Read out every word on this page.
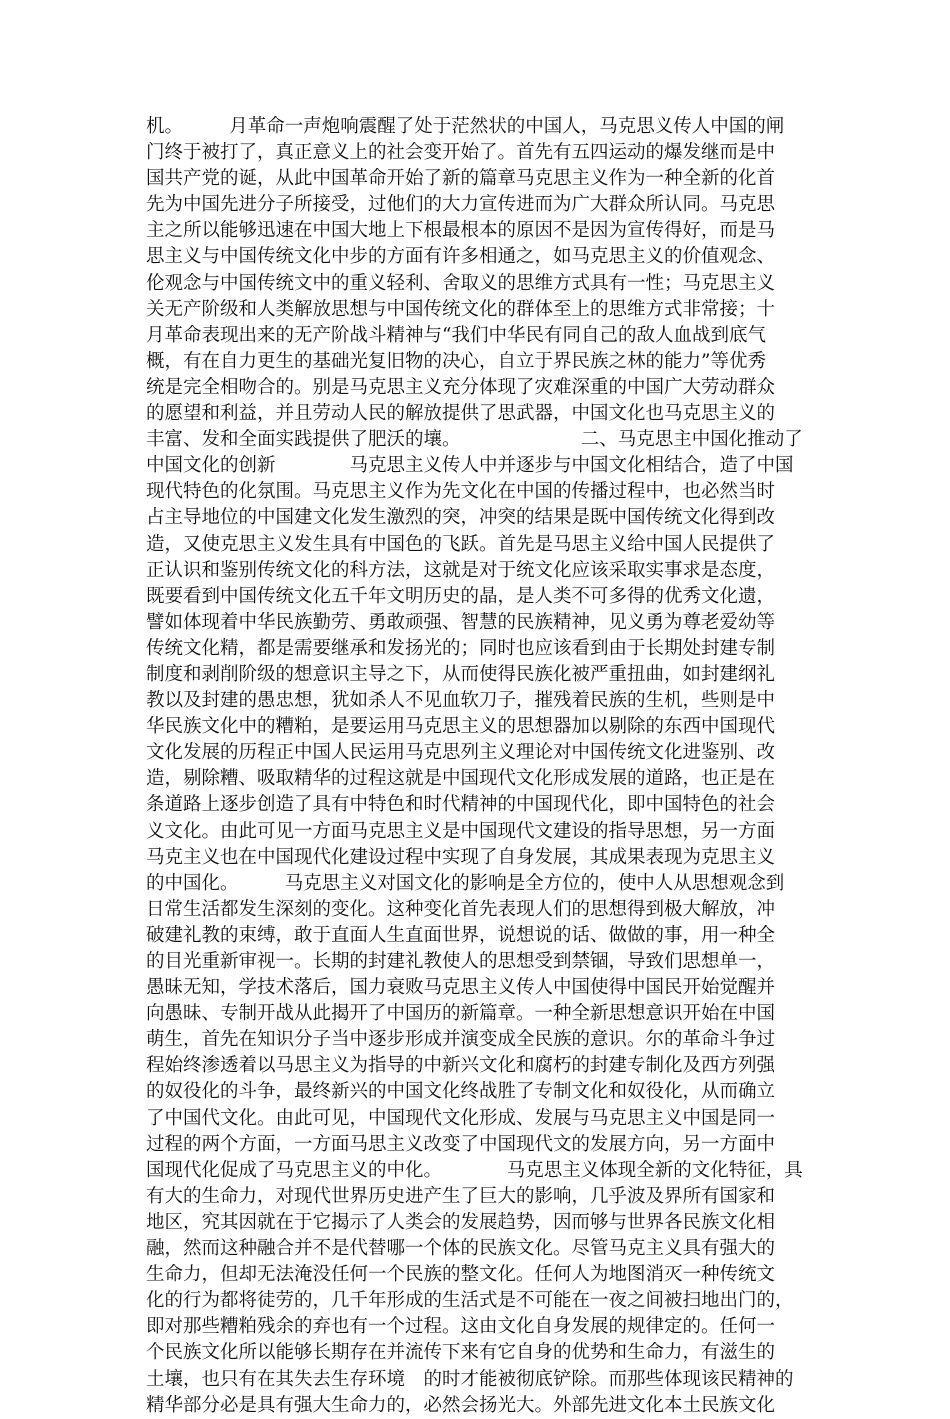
机。　　　月革命一声炮响震醒了处于茫然状的中国人，马克思义传人中国的闸
门终于被打了，真正意义上的社会变开始了。首先有五四运动的爆发继而是中
国共产党的诞，从此中国革命开始了新的篇章马克思主义作为一种全新的化首
先为中国先进分子所接受，过他们的大力宣传进而为广大群众所认同。马克思
主之所以能够迅速在中国大地上下根最根本的原因不是因为宣传得好，而是马
思主义与中国传统文化中步的方面有许多相通之，如马克思主义的价值观念、
伦观念与中国传统文中的重义轻利、舍取义的思维方式具有一性；马克思主义
关无产阶级和人类解放思想与中国传统文化的群体至上的思维方式非常接；十
月革命表现出来的无产阶战斗精神与“我们中华民有同自己的敌人血战到底气
概，有在自力更生的基础光复旧物的决心，自立于界民族之林的能力”等优秀
统是完全相吻合的。别是马克思主义充分体现了灾难深重的中国广大劳动群众
的愿望和利益，并且劳动人民的解放提供了思武器，中国文化也马克思主义的
丰富、发和全面实践提供了肥沃的壤。　　　　　　　二、马克思主中国化推动了
中国文化的创新　　　　马克思主义传人中并逐步与中国文化相结合，造了中国
现代特色的化氛围。马克思主义作为先文化在中国的传播过程中，也必然当时
占主导地位的中国建文化发生激烈的突，冲突的结果是既中国传统文化得到改
造，又使克思主义发生具有中国色的飞跃。首先是马思主义给中国人民提供了
正认识和鉴别传统文化的科方法，这就是对于统文化应该采取实事求是态度，
既要看到中国传统文化五千年文明历史的晶，是人类不可多得的优秀文化遗，
譬如体现着中华民族勤劳、勇敢顽强、智慧的民族精神，见义勇为尊老爱幼等
传统文化精，都是需要继承和发扬光的；同时也应该看到由于长期处封建专制
制度和剥削阶级的想意识主导之下，从而使得民族化被严重扭曲，如封建纲礼
教以及封建的愚忠想，犹如杀人不见血软刀子，摧残着民族的生机，些则是中
华民族文化中的糟粕，是要运用马克思主义的思想器加以剔除的东西中国现代
文化发展的历程正中国人民运用马克思列主义理论对中国传统文化进鉴别、改
造，剔除糟、吸取精华的过程这就是中国现代文化形成发展的道路，也正是在
条道路上逐步创造了具有中特色和时代精神的中国现代化，即中国特色的社会
义文化。由此可见一方面马克思主义是中国现代文建设的指导思想，另一方面
马克主义也在中国现代化建设过程中实现了自身发展，其成果表现为克思主义
的中国化。　　　马克思主义对国文化的影响是全方位的，使中人从思想观念到
日常生活都发生深刻的变化。这种变化首先表现人们的思想得到极大解放，冲
破建礼教的束缚，敢于直面人生直面世界，说想说的话、做做的事，用一种全
的目光重新审视一。长期的封建礼教使人的思想受到禁锢，导致们思想单一，
愚昧无知，学技术落后，国力衰败马克思主义传人中国使得中国民开始觉醒并
向愚昧、专制开战从此揭开了中国历的新篇章。一种全新思想意识开始在中国
萌生，首先在知识分子当中逐步形成并演变成全民族的意识。尔的革命斗争过
程始终渗透着以马思主义为指导的中新兴文化和腐朽的封建专制化及西方列强
的奴役化的斗争，最终新兴的中国文化终战胜了专制文化和奴役化，从而确立
了中国代文化。由此可见，中国现代文化形成、发展与马克思主义中国是同一
过程的两个方面，一方面马思主义改变了中国现代文的发展方向，另一方面中
国现代化促成了马克思主义的中化。　　　　马克思主义体现全新的文化特征，具
有大的生命力，对现代世界历史进产生了巨大的影响，几乎波及界所有国家和
地区，究其因就在于它揭示了人类会的发展趋势，因而够与世界各民族文化相
融，然而这种融合并不是代替哪一个体的民族文化。尽管马克主义具有强大的
生命力，但却无法淹没任何一个民族的整文化。任何人为地图消灭一种传统文
化的行为都将徒劳的，几千年形成的生活式是不可能在一夜之间被扫地出门的，
即对那些糟粕残余的弃也有一个过程。这由文化自身发展的规律定的。任何一
个民族文化所以能够长期存在并流传下来有它自身的优势和生命力，有滋生的
土壤，也只有在其失去生存环境　的时才能被彻底铲除。而那些体现该民精神的
精华部分必是具有强大生命力的，必然会扬光大。外部先进文化本土民族文化
